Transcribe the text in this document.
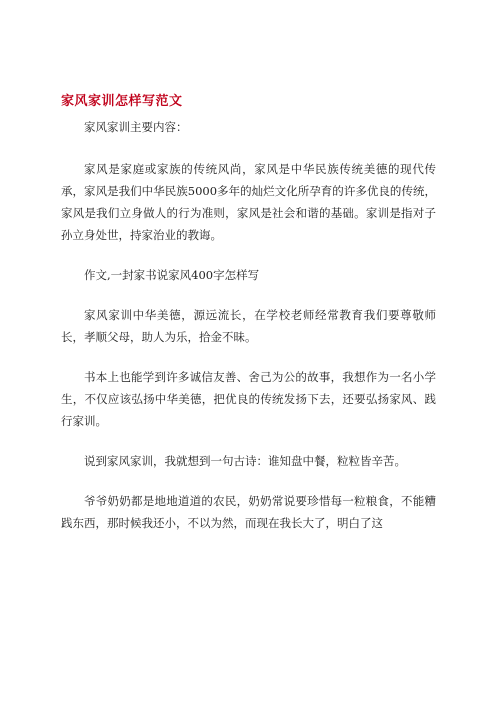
家风家训怎样写范文

家风家训主要内容：

家风是家庭或家族的传统风尚，家风是中华民族传统美德的现代传承，家风是我们中华民族5000多年的灿烂文化所孕育的许多优良的传统，家风是我们立身做人的行为准则，家风是社会和谐的基础。家训是指对子孙立身处世，持家治业的教诲。

作文,一封家书说家风400字怎样写

家风家训中华美德，源远流长，在学校老师经常教育我们要尊敬师长，孝顺父母，助人为乐，拾金不昧。

书本上也能学到许多诚信友善、舍己为公的故事，我想作为一名小学生，不仅应该弘扬中华美德，把优良的传统发扬下去，还要弘扬家风、践行家训。

说到家风家训，我就想到一句古诗：谁知盘中餐，粒粒皆辛苦。

爷爷奶奶都是地地道道的农民，奶奶常说要珍惜每一粒粮食，不能糟践东西，那时候我还小，不以为然，而现在我长大了，明白了这
